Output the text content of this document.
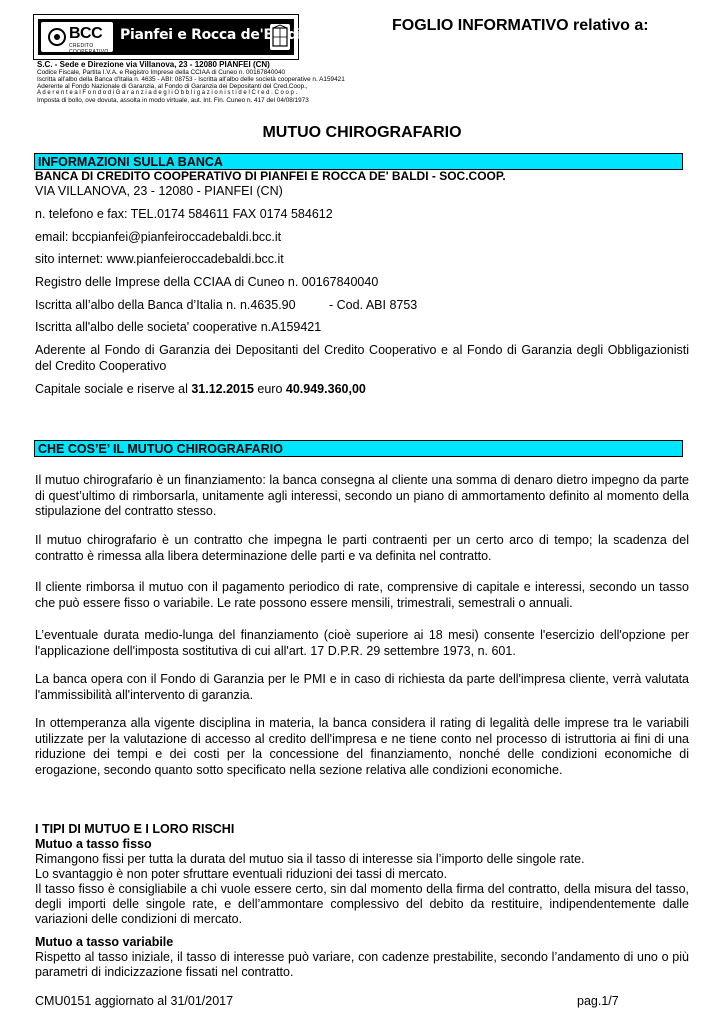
BCC
CREDITO COOPERATIVO
Pianfei e Rocca de'Baldi
FOGLIO INFORMATIVO relativo a:
S.C. - Sede e Direzione via Villanova, 23 - 12080 PIANFEI (CN)
Codice Fiscale, Partita I.V.A. e Registro Imprese della CCIAA di Cuneo n. 00167840040
Iscritta all'albo della Banca d'Italia n. 4635 - ABI: 08753 - Iscritta all'albo delle società cooperative n. A159421
Aderente al Fondo Nazionale di Garanzia, al Fondo di Garanzia dei Depositanti del Cred.Coop.,
A d e r e n t e a l F o n d o d i G a r a n z i a d e g l i O b b l i g a z i o n i s t i d e l C r e d . C o o p .
Imposta di bollo, ove dovuta, assolta in modo virtuale, aut. Int. Fin. Cuneo n. 417 del 04/08/1973
MUTUO CHIROGRAFARIO
INFORMAZIONI SULLA BANCA
BANCA DI CREDITO COOPERATIVO DI PIANFEI E ROCCA DE' BALDI - SOC.COOP.
VIA VILLANOVA, 23 - 12080 - PIANFEI (CN)
n. telefono e fax: TEL.0174 584611 FAX 0174 584612
email: bccpianfei@pianfeiroccadebaldi.bcc.it
sito internet: www.pianfeieroccadebaldi.bcc.it
Registro delle Imprese della CCIAA di Cuneo n. 00167840040
Iscritta all’albo della Banca d’Italia n. n.4635.90	- Cod. ABI 8753
Iscritta all'albo delle societa' cooperative n.A159421
Aderente al Fondo di Garanzia dei Depositanti del Credito Cooperativo e al Fondo di Garanzia degli Obbligazionisti del Credito Cooperativo
Capitale sociale e riserve al 31.12.2015 euro 40.949.360,00
CHE COS’E’ IL MUTUO CHIROGRAFARIO
Il mutuo chirografario è un finanziamento: la banca consegna al cliente una somma di denaro dietro impegno da parte di quest’ultimo di rimborsarla, unitamente agli interessi, secondo un piano di ammortamento definito al momento della stipulazione del contratto stesso.
Il mutuo chirografario è un contratto che impegna le parti contraenti per un certo arco di tempo; la scadenza del contratto è rimessa alla libera determinazione delle parti e va definita nel contratto.
Il cliente rimborsa il mutuo con il pagamento periodico di rate, comprensive di capitale e interessi, secondo un tasso che può essere fisso o variabile. Le rate possono essere mensili, trimestrali, semestrali o annuali.
L’eventuale durata medio-lunga del finanziamento (cioè superiore ai 18 mesi) consente l'esercizio dell'opzione per l'applicazione dell'imposta sostitutiva di cui all'art. 17 D.P.R. 29 settembre 1973, n. 601.
La banca opera con il Fondo di Garanzia per le PMI e in caso di richiesta da parte dell'impresa cliente, verrà valutata l'ammissibilità all'intervento di garanzia.
In ottemperanza alla vigente disciplina in materia, la banca considera il rating di legalità delle imprese tra le variabili utilizzate per la valutazione di accesso al credito dell'impresa e ne tiene conto nel processo di istruttoria ai fini di una riduzione dei tempi e dei costi per la concessione del finanziamento, nonché delle condizioni economiche di erogazione, secondo quanto sotto specificato nella sezione relativa alle condizioni economiche.
I TIPI DI MUTUO E I LORO RISCHI
Mutuo a tasso fisso
Rimangono fissi per tutta la durata del mutuo sia il tasso di interesse sia l’importo delle singole rate.
Lo svantaggio è non poter sfruttare eventuali riduzioni dei tassi di mercato.
Il tasso fisso è consigliabile a chi vuole essere certo, sin dal momento della firma del contratto, della misura del tasso, degli importi delle singole rate, e dell’ammontare complessivo del debito da restituire, indipendentemente dalle variazioni delle condizioni di mercato.
Mutuo a tasso variabile
Rispetto al tasso iniziale, il tasso di interesse può variare, con cadenze prestabilite, secondo l’andamento di uno o più parametri di indicizzazione fissati nel contratto.
CMU0151 aggiornato al 31/01/2017	pag.1/7
